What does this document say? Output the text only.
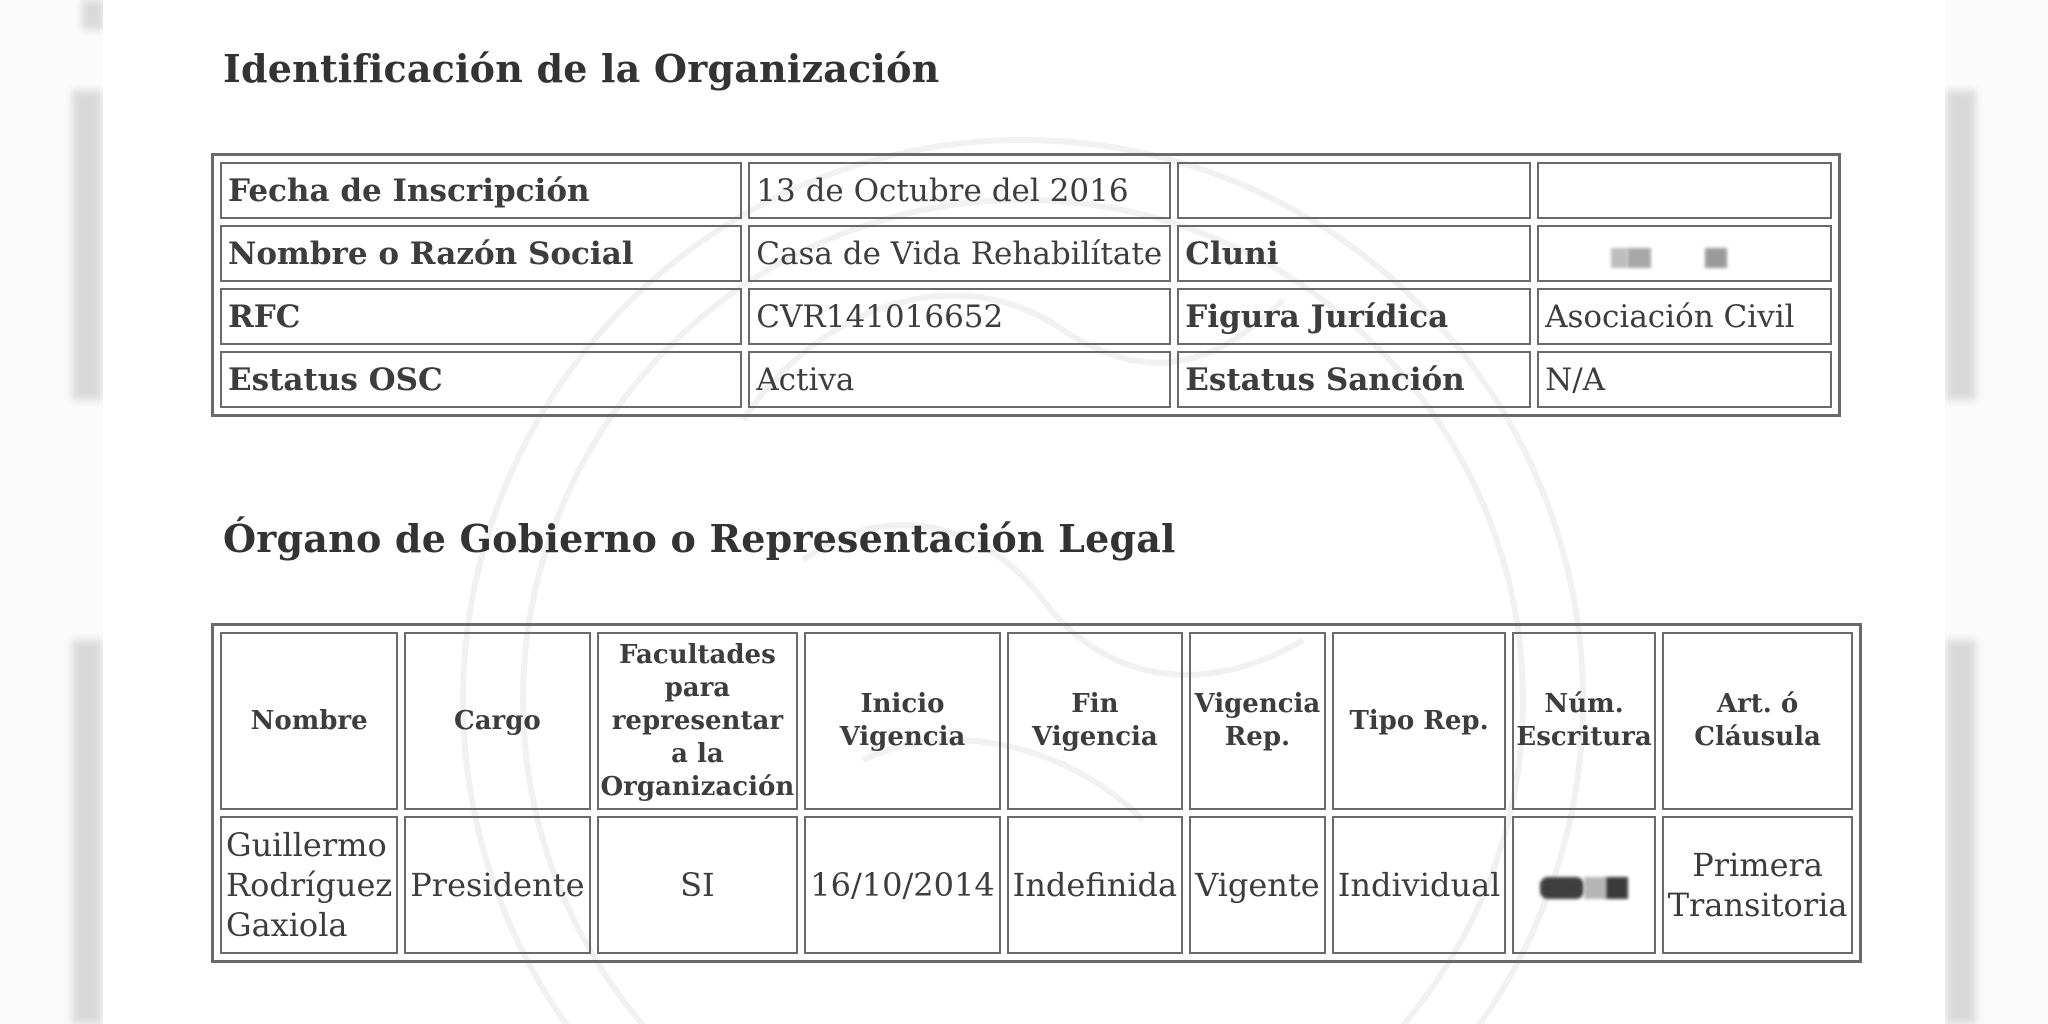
Identificación de la Organización
Fecha de Inscripción	13 de Octubre del 2016		
Nombre o Razón Social	Casa de Vida Rehabilítate	Cluni	

RFC	CVR141016652	Figura Jurídica	Asociación Civil
Estatus OSC	Activa	Estatus Sanción	N/A
Órgano de Gobierno o Representación Legal
Nombre	Cargo	Facultades para representar a la Organización	Inicio Vigencia	Fin Vigencia	Vigencia Rep.	Tipo Rep.	Núm. Escritura	Art. ó Cláusula
Guillermo Rodríguez Gaxiola	Presidente	SI	16/10/2014	Indefinida	Vigente	Individual		Primera Transitoria
